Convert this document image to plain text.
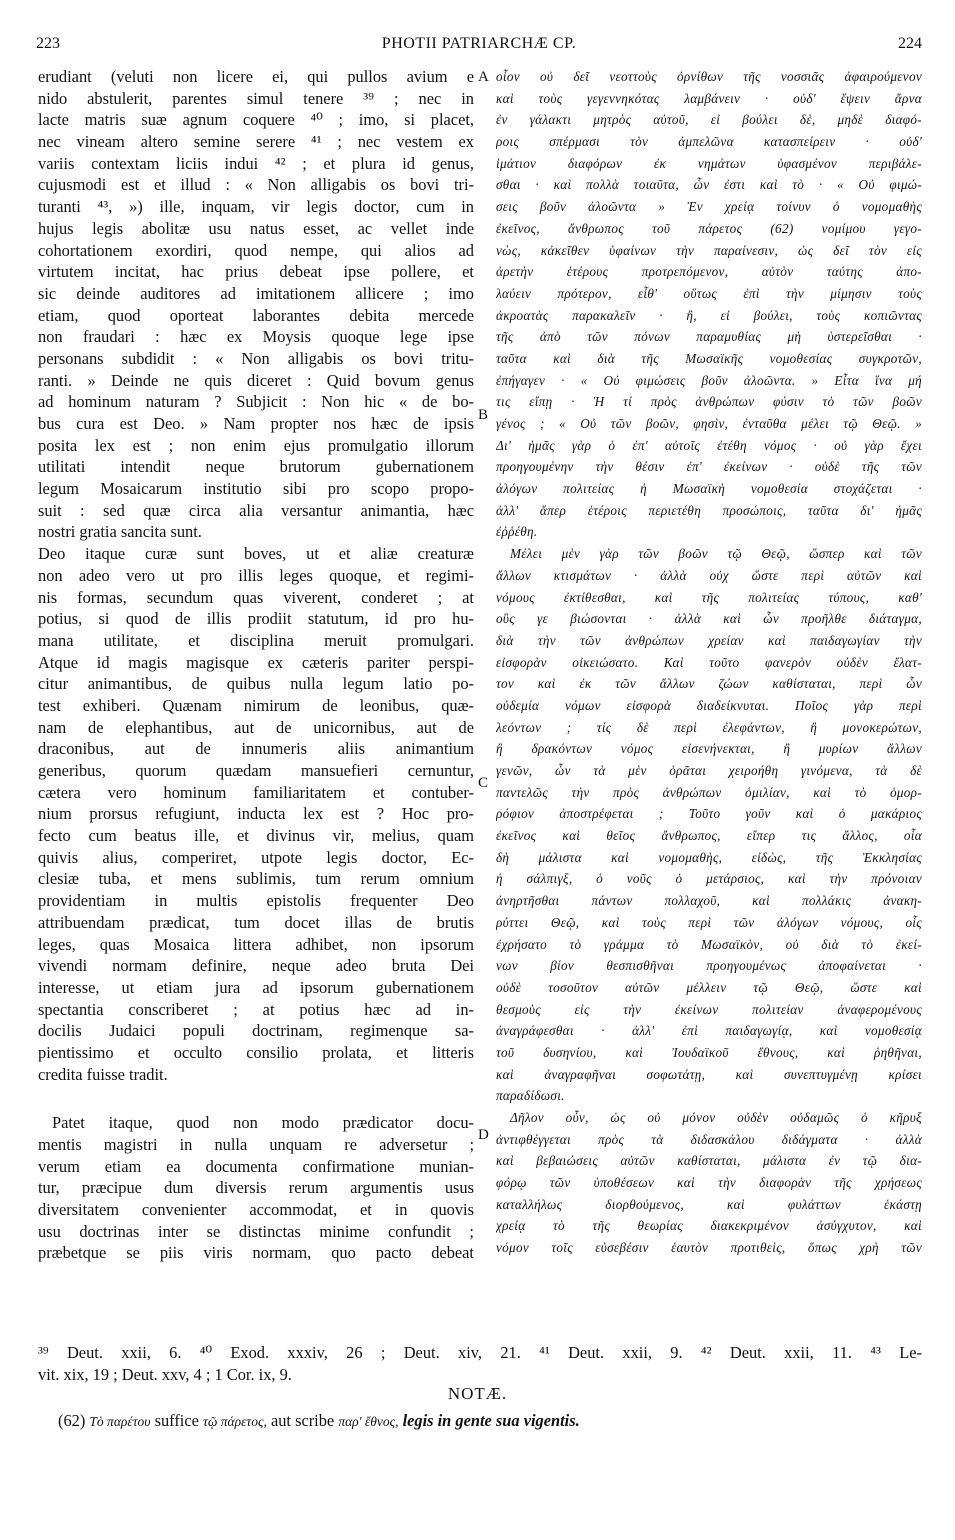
223	PHOTII PATRIARCHÆ CP.	224
erudiant (veluti non licere ei, qui pullos avium e
nido abstulerit, parentes simul tenere ³⁹ ; nec in
lacte matris suæ agnum coquere ⁴⁰ ; imo, si placet,
nec vineam altero semine serere ⁴¹ ; nec vestem ex
variis contextam liciis indui ⁴² ; et plura id genus,
cujusmodi est et illud : « Non alligabis os bovi tri-
turanti ⁴³, ») ille, inquam, vir legis doctor, cum in
hujus legis abolitæ usu natus esset, ac vellet inde
cohortationem exordiri, quod nempe, qui alios ad
virtutem incitat, hac prius debeat ipse pollere, et
sic deinde auditores ad imitationem allicere ; imo
etiam, quod oporteat laborantes debita mercede
non fraudari : hæc ex Moysis quoque lege ipse
personans subdidit : « Non alligabis os bovi tritu-
ranti. » Deinde ne quis diceret : Quid bovum genus
ad hominum naturam ? Subjicit : Non hic « de bo-
bus cura est Deo. » Nam propter nos hæc de ipsis
posita lex est ; non enim ejus promulgatio illorum
utilitati intendit neque brutorum gubernationem
legum Mosaicarum institutio sibi pro scopo propo-
suit : sed quæ circa alia versantur animantia, hæc
nostri gratia sancita sunt.
Deo itaque curæ sunt boves, ut et aliæ creaturæ
non adeo vero ut pro illis leges quoque, et regimi-
nis formas, secundum quas viverent, conderet ; at
potius, si quod de illis prodiit statutum, id pro hu-
mana utilitate, et disciplina meruit promulgari.
Atque id magis magisque ex cæteris pariter perspi-
citur animantibus, de quibus nulla legum latio po-
test exhiberi. Quænam nimirum de leonibus, quæ-
nam de elephantibus, aut de unicornibus, aut de
draconibus, aut de innumeris aliis animantium
generibus, quorum quædam mansuefieri cernuntur,
cætera vero hominum familiaritatem et contuber-
nium prorsus refugiunt, inducta lex est ? Hoc pro-
fecto cum beatus ille, et divinus vir, melius, quam
quivis alius, comperiret, utpote legis doctor, Ec-
clesiæ tuba, et mens sublimis, tum rerum omnium
providentiam in multis epistolis frequenter Deo
attribuendam prædicat, tum docet illas de brutis
leges, quas Mosaica littera adhibet, non ipsorum
vivendi normam definire, neque adeo bruta Dei
interesse, ut etiam jura ad ipsorum gubernationem
spectantia conscriberet ; at potius hæc ad in-
docilis Judaici populi doctrinam, regimenque sa-
pientissimo et occulto consilio prolata, et litteris
credita fuisse tradit.
Patet itaque, quod non modo prædicator docu-
mentis magistri in nulla unquam re adversetur ;
verum etiam ea documenta confirmatione munian-
tur, præcipue dum diversis rerum argumentis usus
diversitatem convenienter accommodat, et in quovis
usu doctrinas inter se distinctas minime confundit ;
præbetque se piis viris normam, quo pacto debeat
οἷον οὐ δεῖ νεοττοὺς ὀρνίθων τῆς νοσσιᾶς ἀφαιρούμενον
καὶ τοὺς γεγεννηκότας λαμβάνειν · οὐδ' ἕψειν ἄρνα
ἐν γάλακτι μητρὸς αὐτοῦ, εἰ βούλει δὲ, μηδὲ διαφό-
ροις σπέρμασι τὸν ἀμπελῶνα κατασπείρειν · οὐδ'
ἱμάτιον διαφόρων ἐκ νημάτων ὑφασμένον περιβάλε-
σθαι · καὶ πολλὰ τοιαῦτα, ὧν ἐστι καὶ τὸ · « Οὐ φιμώ-
σεις βοῦν ἀλοῶντα » Ἐν χρείᾳ τοίνυν ὁ νομομαθὴς
ἐκεῖνος, ἄνθρωπος τοῦ πάρετος (62) νομίμου γεγο-
νὼς, κἀκεῖθεν ὑφαίνων τὴν παραίνεσιν, ὡς δεῖ τὸν εἰς
ἀρετὴν ἑτέρους προτρεπόμενον, αὐτὸν ταύτης ἀπο-
λαύειν πρότερον, εἶθ' οὕτως ἐπὶ τὴν μίμησιν τοὺς
ἀκροατὰς παρακαλεῖν · ἢ, εἰ βούλει, τοὺς κοπιῶντας
τῆς ἀπὸ τῶν πόνων παραμυθίας μὴ ὑστερεῖσθαι ·
ταῦτα καὶ διὰ τῆς Μωσαϊκῆς νομοθεσίας συγκροτῶν,
ἐπήγαγεν · « Οὐ φιμώσεις βοῦν ἀλοῶντα. » Εἶτα ἵνα μή
τις εἴπῃ · Ἡ τί πρὸς ἀνθρώπων φύσιν τὸ τῶν βοῶν
γένος ; « Οὐ τῶν βοῶν, φησὶν, ἐνταῦθα μέλει τῷ Θεῷ. »
Δι' ἡμᾶς γὰρ ὁ ἐπ' αὐτοῖς ἐτέθη νόμος · οὐ γὰρ ἔχει
προηγουμένην τὴν θέσιν ἐπ' ἐκείνων · οὐδὲ τῆς τῶν
ἀλόγων πολιτείας ἡ Μωσαϊκὴ νομοθεσία στοχάζεται ·
ἀλλ' ἅπερ ἑτέροις περιετέθη προσώποις, ταῦτα δι' ἡμᾶς
ἐῤῥέθη.
Μέλει μὲν γὰρ τῶν βοῶν τῷ Θεῷ, ὥσπερ καὶ τῶν
ἄλλων κτισμάτων · ἀλλὰ οὐχ ὥστε περὶ αὐτῶν καὶ
νόμους ἐκτίθεσθαι, καὶ τῆς πολιτείας τύπους, καθ'
οὓς γε βιώσονται · ἀλλὰ καὶ ὧν προῆλθε διάταγμα,
διὰ τὴν τῶν ἀνθρώπων χρείαν καὶ παιδαγωγίαν τὴν
εἰσφορὰν οἰκειώσατο. Καὶ τοῦτο φανερὸν οὐδὲν ἔλατ-
τον καὶ ἐκ τῶν ἄλλων ζώων καθίσταται, περὶ ὧν
οὐδεμία νόμων εἰσφορὰ διαδείκνυται. Ποῖος γὰρ περὶ
λεόντων ; τίς δὲ περὶ ἐλεφάντων, ἢ μονοκερώτων,
ἢ δρακόντων νόμος εἰσενήνεκται, ἢ μυρίων ἄλλων
γενῶν, ὧν τὰ μὲν ὁρᾶται χειροήθη γινόμενα, τὰ δὲ
παντελῶς τὴν πρὸς ἀνθρώπων ὁμιλίαν, καὶ τὸ ὁμορ-
ρόφιον ἀποστρέφεται ; Τοῦτο γοῦν καὶ ὁ μακάριος
ἐκεῖνος καὶ θεῖος ἄνθρωπος, εἴπερ τις ἄλλος, οἷα
δὴ μάλιστα καὶ νομομαθὴς, εἰδὼς, τῆς Ἐκκλησίας
ἡ σάλπιγξ, ὁ νοῦς ὁ μετάρσιος, καὶ τὴν πρόνοιαν
ἀνηρτῆσθαι πάντων πολλαχοῦ, καὶ πολλάκις ἀνακη-
ρύττει Θεῷ, καὶ τοὺς περὶ τῶν ἀλόγων νόμους, οἷς
ἐχρήσατο τὸ γράμμα τὸ Μωσαϊκὸν, οὐ διὰ τὸ ἐκεί-
νων βίον θεσπισθῆναι προηγουμένως ἀποφαίνεται ·
οὐδὲ τοσοῦτον αὐτῶν μέλλειν τῷ Θεῷ, ὥστε καὶ
θεσμοὺς εἰς τὴν ἐκείνων πολιτείαν ἀναφερομένους
ἀναγράφεσθαι · ἀλλ' ἐπὶ παιδαγωγίᾳ, καὶ νομοθεσίᾳ
τοῦ δυσηνίου, καὶ Ἰουδαϊκοῦ ἔθνους, καὶ ῥηθῆναι,
καὶ ἀναγραφῆναι σοφωτάτῃ, καὶ συνεπτυγμένῃ κρίσει
παραδίδωσι.
Δῆλον οὖν, ὡς οὐ μόνον οὐδὲν οὐδαμῶς ὁ κῆρυξ
ἀντιφθέγγεται πρὸς τὰ διδασκάλου διδάγματα · ἀλλὰ
καὶ βεβαιώσεις αὐτῶν καθίσταται, μάλιστα ἐν τῷ δια-
φόρῳ τῶν ὑποθέσεων καὶ τὴν διαφορὰν τῆς χρήσεως
καταλλήλως διορθούμενος, καὶ φυλάττων ἑκάστῃ
χρείᾳ τὸ τῆς θεωρίας διακεκριμένον ἀσύγχυτον, καὶ
νόμον τοῖς εὐσεβέσιν ἑαυτὸν προτιθεὶς, ὅπως χρὴ τῶν
A
B
C
D
³⁹ Deut. xxii, 6. ⁴⁰ Exod. xxxiv, 26 ; Deut. xiv, 21. ⁴¹ Deut. xxii, 9. ⁴² Deut. xxii, 11. ⁴³ Le-
vit. xix, 19 ; Deut. xxv, 4 ; 1 Cor. ix, 9.
NOTÆ.
(62) Τὸ παρέτου suffice τῷ πάρετος, aut scribe παρ' ἔθνος, legis in gente sua vigentis.
